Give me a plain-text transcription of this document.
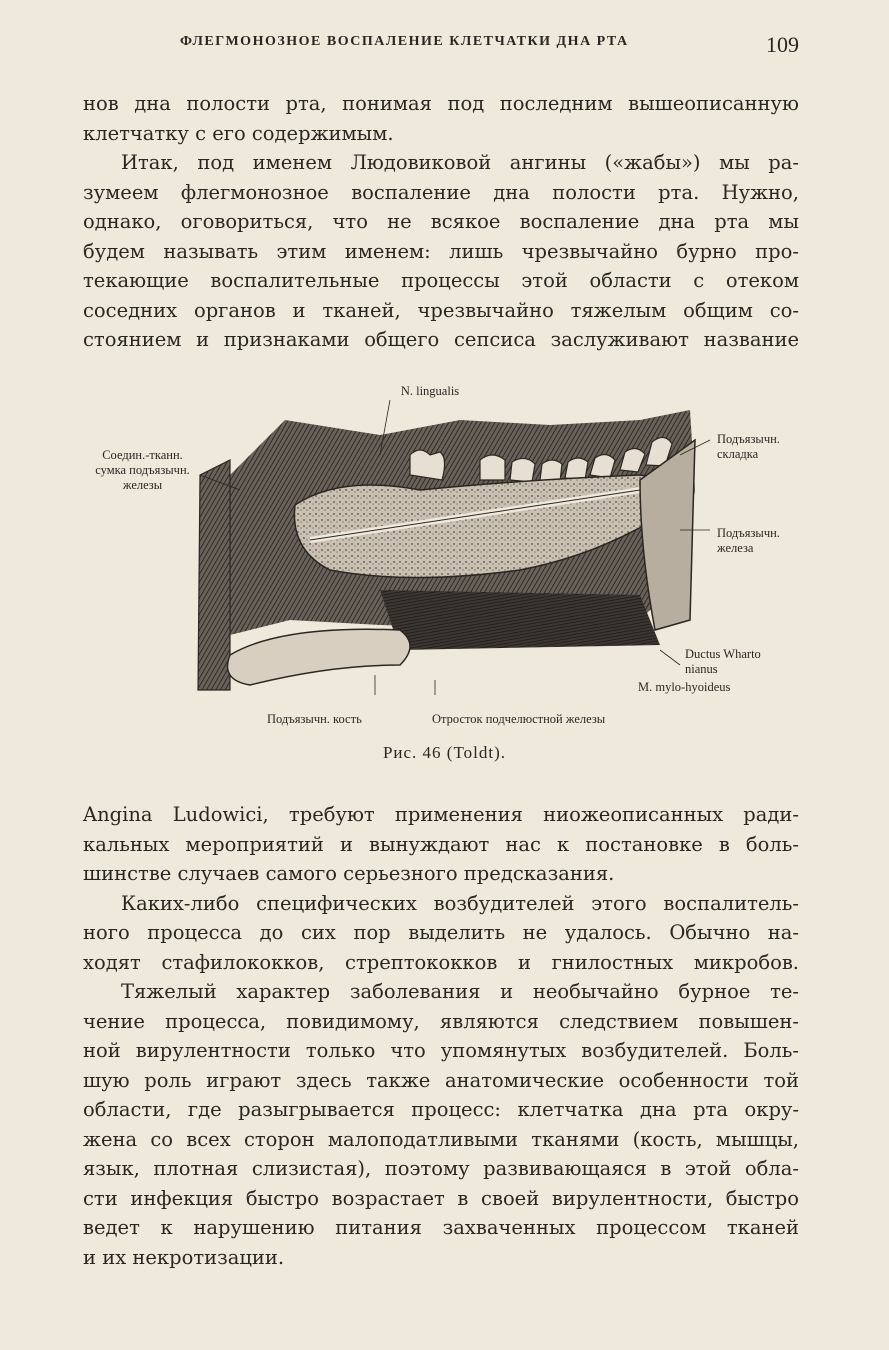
ФЛЕГМОНОЗНОЕ ВОСПАЛЕНИЕ КЛЕТЧАТКИ ДНА РТА	109
нов дна полости рта, понимая под последним вышеописанную
клетчатку с его содержимым.
Итак, под именем Людовиковой ангины («жабы») мы ра-
зумеем флегмонозное воспаление дна полости рта. Нужно,
однако, оговориться, что не всякое воспаление дна рта мы
будем называть этим именем: лишь чрезвычайно бурно про-
текающие воспалительные процессы этой области с отеком
соседних органов и тканей, чрезвычайно тяжелым общим со-
стоянием и признаками общего сепсиса заслуживают название
N. lingualis
Соедин.-тканн.
сумка подъязычн.
железы
Подъязычн.
складка
Подъязычн.
железа
Ductus Wharto
nianus
M. mylo-hyoideus
Подъязычн. кость	Отросток подчелюстной железы
Рис. 46 (Toldt).
Angina Ludowici, требуют применения ниожеописанных ради-
кальных мероприятий и вынуждают нас к постановке в боль-
шинстве случаев самого серьезного предсказания.
Каких-либо специфических возбудителей этого воспалитель-
ного процесса до сих пор выделить не удалось. Обычно на-
ходят стафилококков, стрептококков и гнилостных микробов.
Тяжелый характер заболевания и необычайно бурное те-
чение процесса, повидимому, являются следствием повышен-
ной вирулентности только что упомянутых возбудителей. Боль-
шую роль играют здесь также анатомические особенности той
области, где разыгрывается процесс: клетчатка дна рта окру-
жена со всех сторон малоподатливыми тканями (кость, мышцы,
язык, плотная слизистая), поэтому развивающаяся в этой обла-
сти инфекция быстро возрастает в своей вирулентности, быстро
ведет к нарушению питания захваченных процессом тканей
и их некротизации.
